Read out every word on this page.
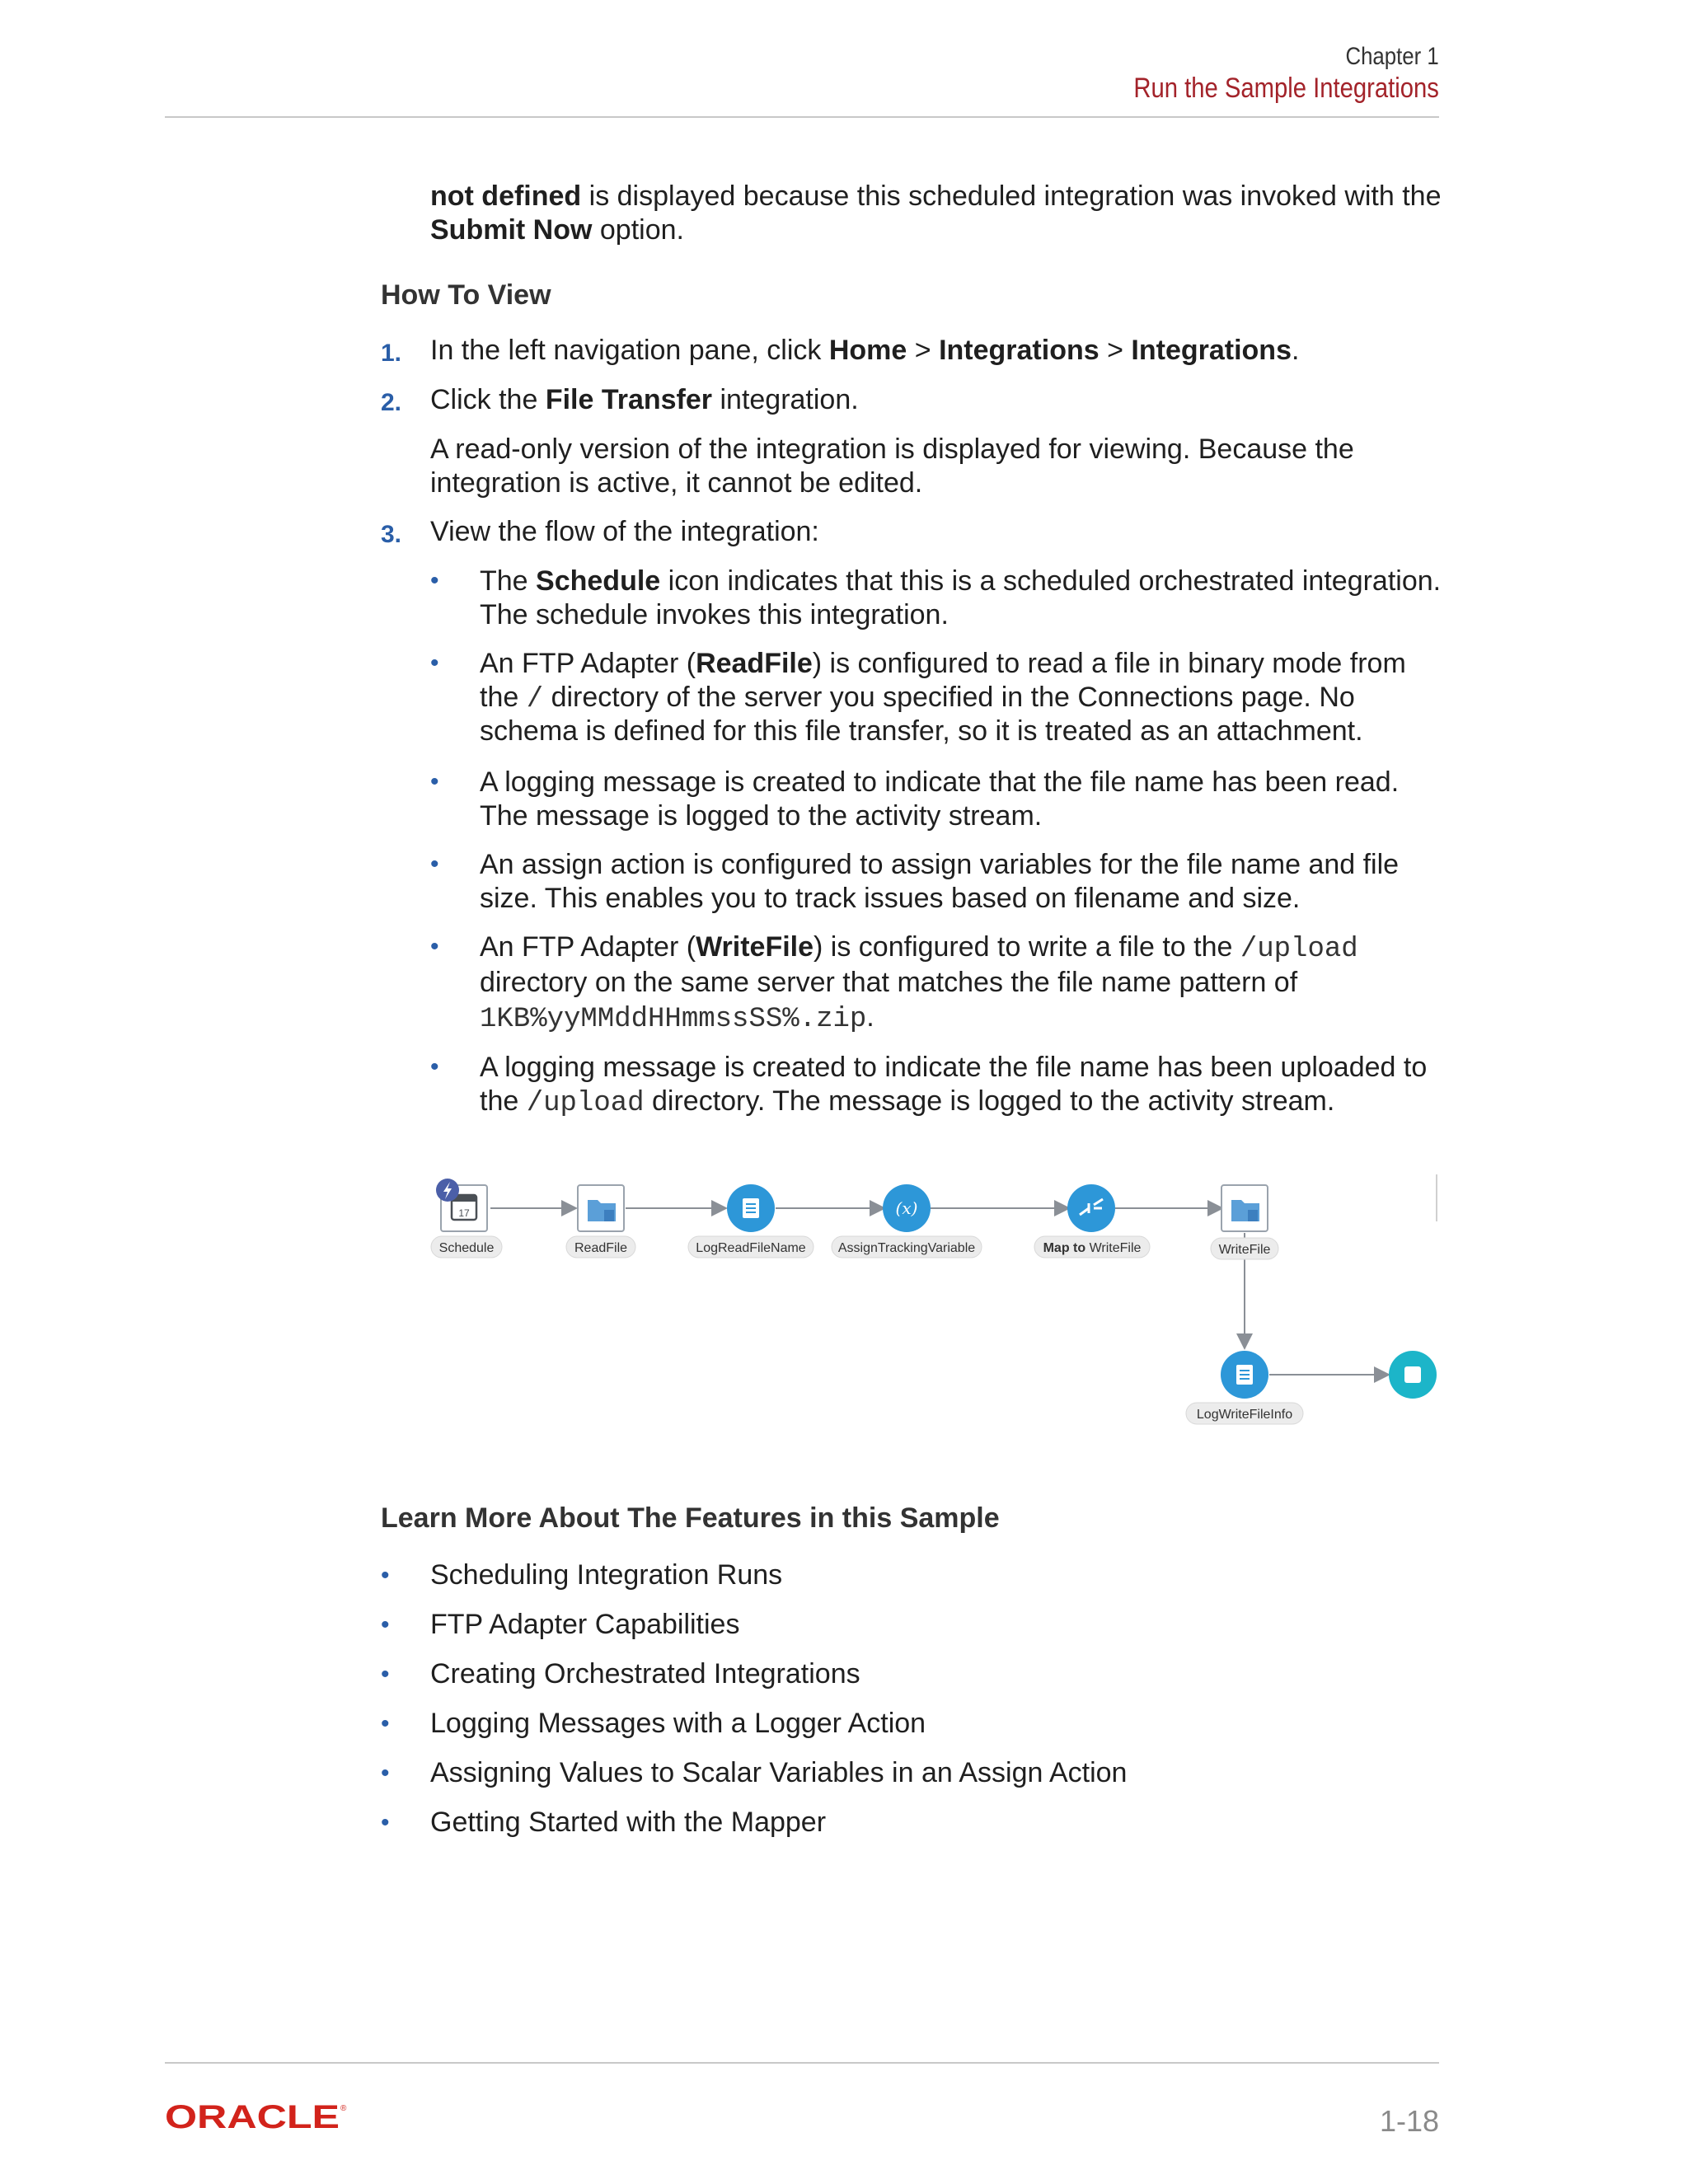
Chapter 1
Run the Sample Integrations
not defined is displayed because this scheduled integration was invoked with the
Submit Now option.
How To View
1. In the left navigation pane, click Home > Integrations > Integrations.
2. Click the File Transfer integration.
A read-only version of the integration is displayed for viewing. Because the
integration is active, it cannot be edited.
3. View the flow of the integration:
• The Schedule icon indicates that this is a scheduled orchestrated integration.
The schedule invokes this integration.
• An FTP Adapter (ReadFile) is configured to read a file in binary mode from
the / directory of the server you specified in the Connections page. No
schema is defined for this file transfer, so it is treated as an attachment.
• A logging message is created to indicate that the file name has been read.
The message is logged to the activity stream.
• An assign action is configured to assign variables for the file name and file
size. This enables you to track issues based on filename and size.
• An FTP Adapter (WriteFile) is configured to write a file to the /upload
directory on the same server that matches the file name pattern of
1KB%yyMMddHHmmssSS%.zip.
• A logging message is created to indicate the file name has been uploaded to
the /upload directory. The message is logged to the activity stream.
17
Schedule	ReadFile	LogReadFileName
(x)
AssignTrackingVariable	Map to WriteFile	WriteFile
LogWriteFileInfo
Learn More About The Features in this Sample
• Scheduling Integration Runs
• FTP Adapter Capabilities
• Creating Orchestrated Integrations
• Logging Messages with a Logger Action
• Assigning Values to Scalar Variables in an Assign Action
• Getting Started with the Mapper
ORACLE ®	1-18
